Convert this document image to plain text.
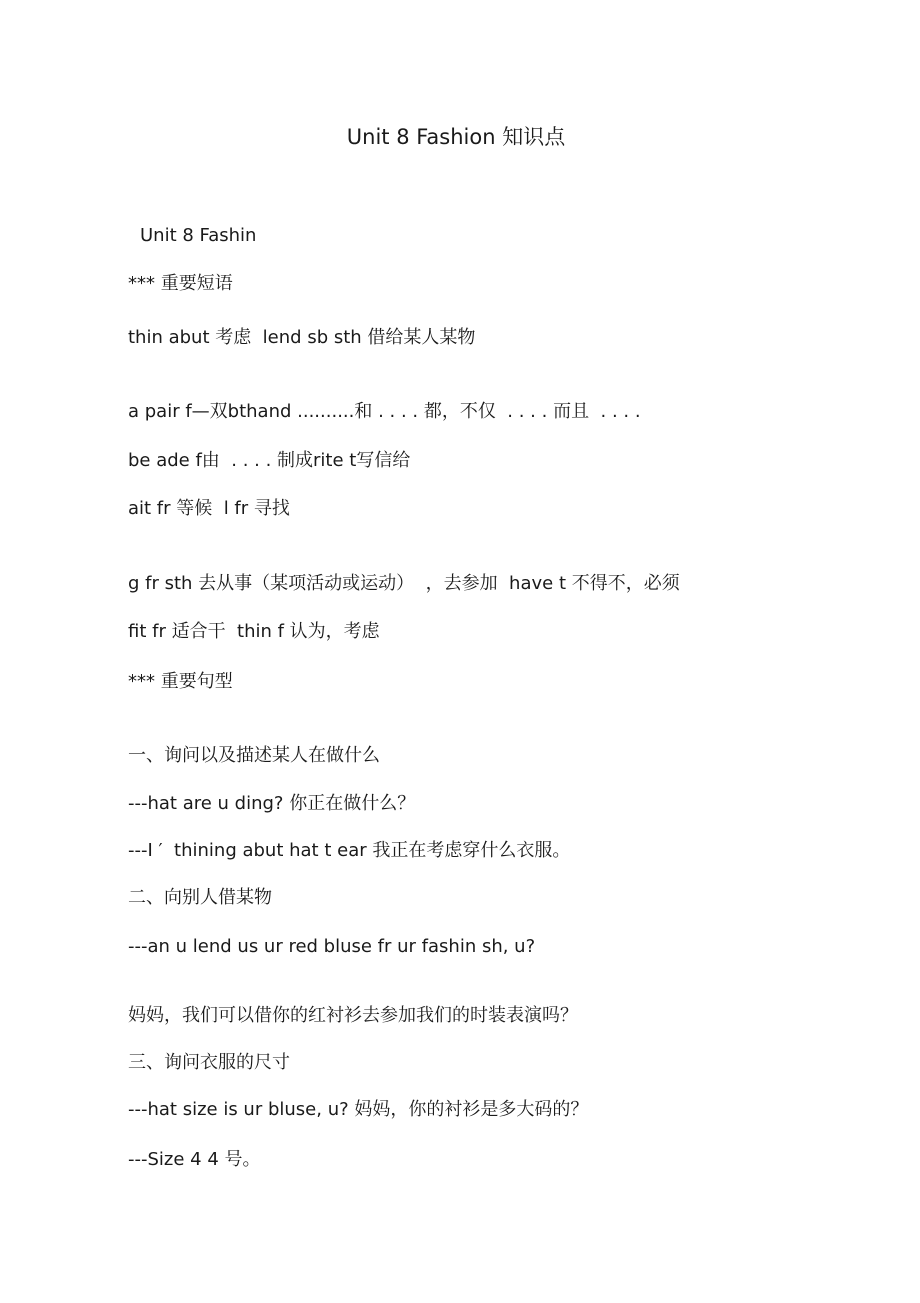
Unit 8 Fashion 知识点
Unit 8 Fashin
*** 重要短语
thin abut 考虑  lend sb sth 借给某人某物
a pair f—双bthand ..........和 . . . . 都，不仅  . . . . 而且  . . . .
be ade f由  . . . . 制成rite t写信给
ait fr 等候  l fr 寻找
g fr sth 去从事（某项活动或运动）  ，去参加  have t 不得不，必须
fit fr 适合干  thin f 认为，考虑
*** 重要句型
一、询问以及描述某人在做什么
---hat are u ding? 你正在做什么？
---I ′  thining abut hat t ear 我正在考虑穿什么衣服。
二、向别人借某物
---an u lend us ur red bluse fr ur fashin sh, u?
妈妈，我们可以借你的红衬衫去参加我们的时装表演吗？
三、询问衣服的尺寸
---hat size is ur bluse, u? 妈妈，你的衬衫是多大码的？
---Size 4 4 号。
